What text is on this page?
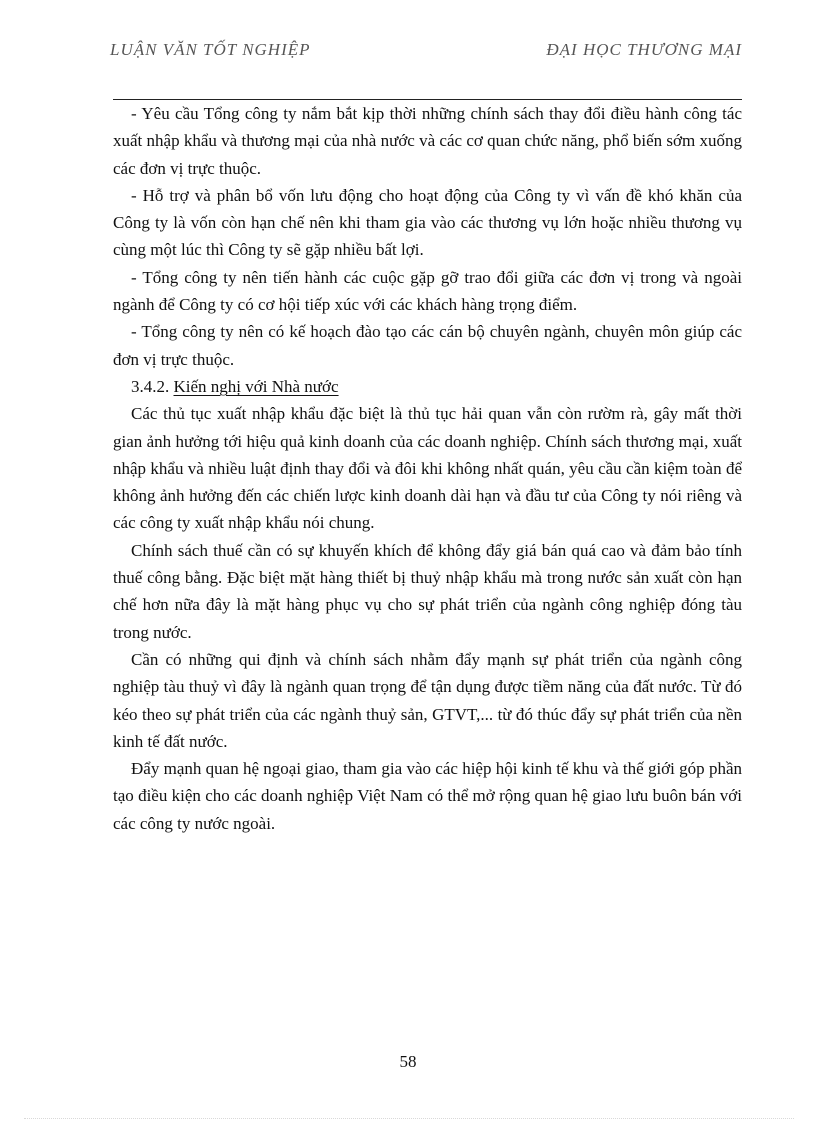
LUẬN VĂN TỐT NGHIỆP	ĐẠI HỌC THƯƠNG MẠI

- Yêu cầu Tổng công ty nắm bắt kịp thời những chính sách thay đổi điều hành công tác xuất nhập khẩu và thương mại của nhà nước và các cơ quan chức năng, phổ biến sớm xuống các đơn vị trực thuộc.

- Hỗ trợ và phân bổ vốn lưu động cho hoạt động của Công ty vì vấn đề khó khăn của Công ty là vốn còn hạn chế nên khi tham gia vào các thương vụ lớn hoặc nhiều thương vụ cùng một lúc thì Công ty sẽ gặp nhiều bất lợi.

- Tổng công ty nên tiến hành các cuộc gặp gỡ trao đổi giữa các đơn vị trong và ngoài ngành để Công ty có cơ hội tiếp xúc với các khách hàng trọng điểm.

- Tổng công ty nên có kế hoạch đào tạo các cán bộ chuyên ngành, chuyên môn giúp các đơn vị trực thuộc.

3.4.2. Kiến nghị với Nhà nước

Các thủ tục xuất nhập khẩu đặc biệt là thủ tục hải quan vẫn còn rườm rà, gây mất thời gian ảnh hưởng tới hiệu quả kinh doanh của các doanh nghiệp. Chính sách thương mại, xuất nhập khẩu và nhiều luật định thay đổi và đôi khi không nhất quán, yêu cầu cần kiệm toàn để không ảnh hưởng đến các chiến lược kinh doanh dài hạn và đầu tư của Công ty nói riêng và các công ty xuất nhập khẩu nói chung.

Chính sách thuế cần có sự khuyến khích để không đẩy giá bán quá cao và đảm bảo tính thuế công bằng. Đặc biệt mặt hàng thiết bị thuỷ nhập khẩu mà trong nước sản xuất còn hạn chế hơn nữa đây là mặt hàng phục vụ cho sự phát triển của ngành công nghiệp đóng tàu trong nước.

Cần có những qui định và chính sách nhằm đẩy mạnh sự phát triển của ngành công nghiệp tàu thuỷ vì đây là ngành quan trọng để tận dụng được tiềm năng của đất nước. Từ đó kéo theo sự phát triển của các ngành thuỷ sản, GTVT,... từ đó thúc đẩy sự phát triển của nền kinh tế đất nước.

Đẩy mạnh quan hệ ngoại giao, tham gia vào các hiệp hội kinh tế khu và thế giới góp phần tạo điều kiện cho các doanh nghiệp Việt Nam có thể mở rộng quan hệ giao lưu buôn bán với các công ty nước ngoài.

58
